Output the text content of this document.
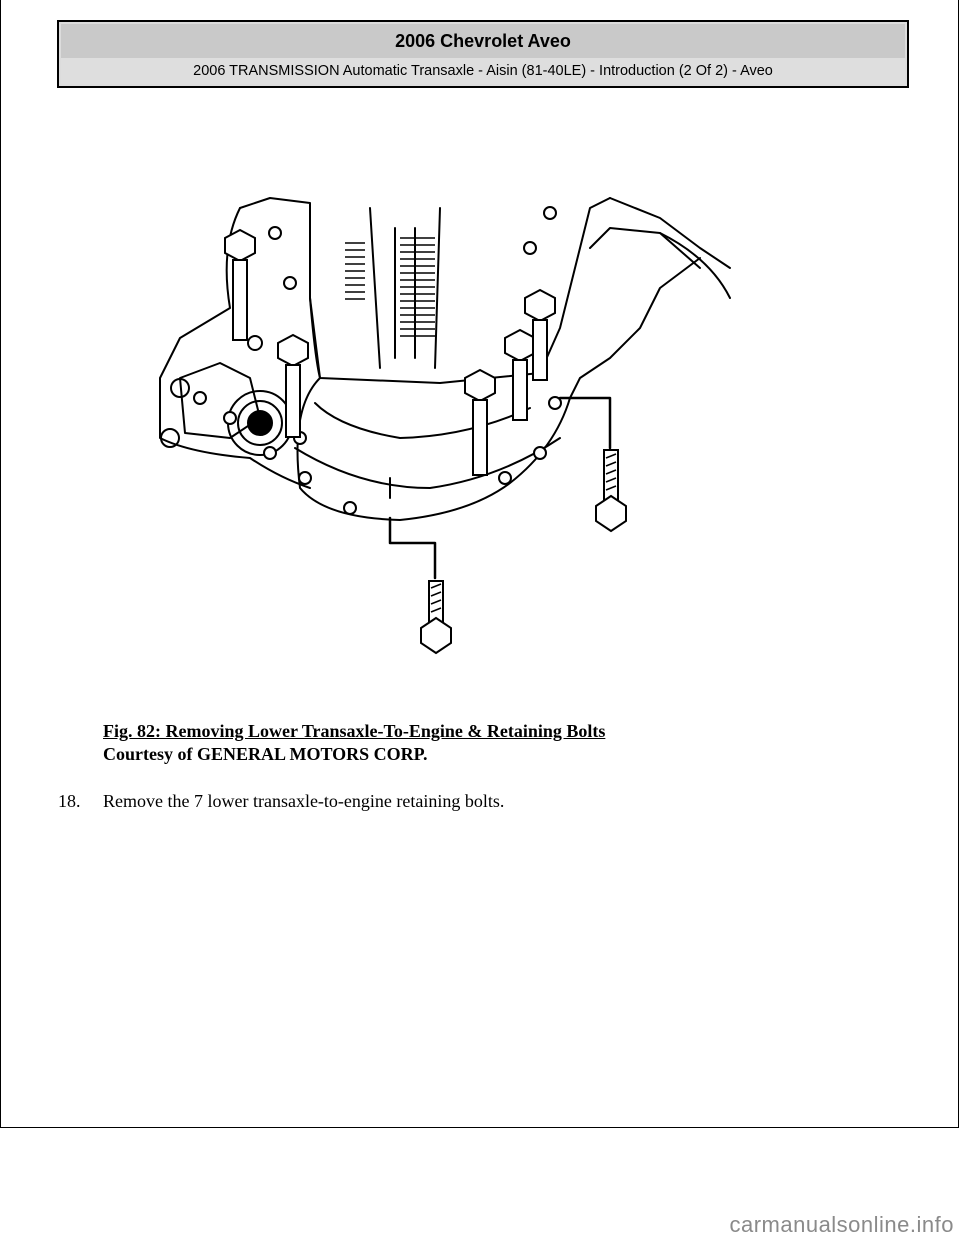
2006 Chevrolet Aveo
2006 TRANSMISSION Automatic Transaxle - Aisin (81-40LE) - Introduction (2 Of 2) - Aveo
Fig. 82: Removing Lower Transaxle-To-Engine & Retaining Bolts
Courtesy of GENERAL MOTORS CORP.
18. Remove the 7 lower transaxle-to-engine retaining bolts.
carmanualsonline.info
